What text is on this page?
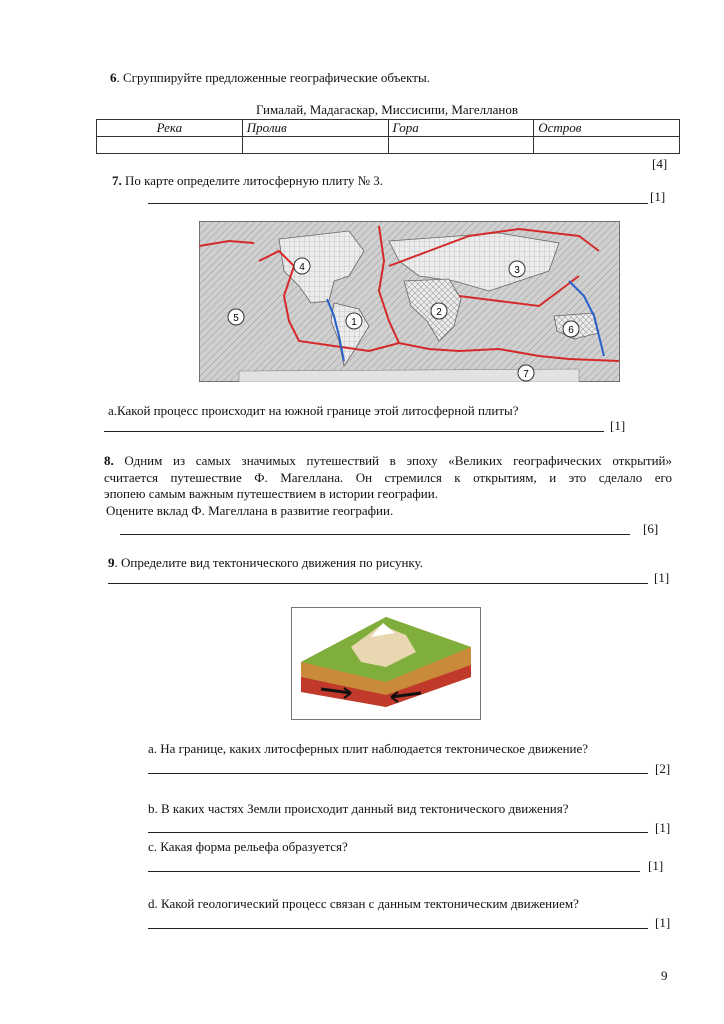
6. Сгруппируйте предложенные географические объекты.
Гималай, Мадагаскар, Миссисипи, Магелланов
Река	Пролив	Гора	Остров

[4]
7. По карте определите литосферную плиту № 3.
[1]
1
2
3
4
5
6
7
a.Какой процесс происходит на южной границе этой литосферной плиты?
[1]
8. Одним из самых значимых путешествий в эпоху «Великих географических открытий»
считается путешествие Ф. Магеллана. Он стремился к открытиям, и это сделало его
эпопею самым важным путешествием в истории географии.
Оцените вклад Ф. Магеллана в развитие географии.
[6]
9. Определите вид тектонического движения по рисунку.
[1]
a. На границе, каких литосферных плит наблюдается тектоническое движение?
[2]
b. В каких частях Земли происходит данный вид тектонического движения?
[1]
c. Какая форма рельефа образуется?
[1]
d. Какой геологический процесс связан с данным тектоническим движением?
[1]
9
